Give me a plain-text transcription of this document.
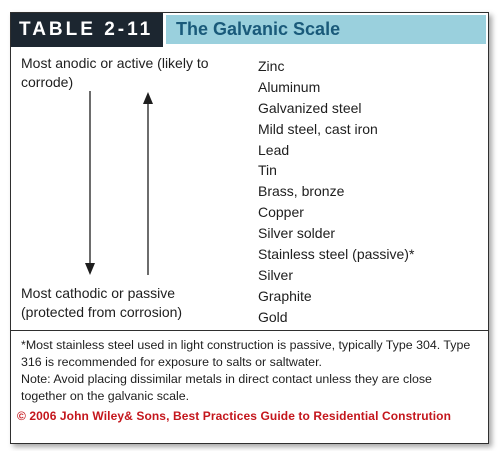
TABLE 2-11	The Galvanic Scale
Most anodic or active (likely to corrode)
Most cathodic or passive (protected from corrosion)
Zinc
Aluminum
Galvanized steel
Mild steel, cast iron
Lead
Tin
Brass, bronze
Copper
Silver solder
Stainless steel (passive)*
Silver
Graphite
Gold

*Most stainless steel used in light construction is passive, typically Type 304. Type 316 is recommended for exposure to salts or saltwater.

Note: Avoid placing dissimilar metals in direct contact unless they are close together on the galvanic scale.

© 2006 John Wiley& Sons, Best Practices Guide to Residential Constrution
